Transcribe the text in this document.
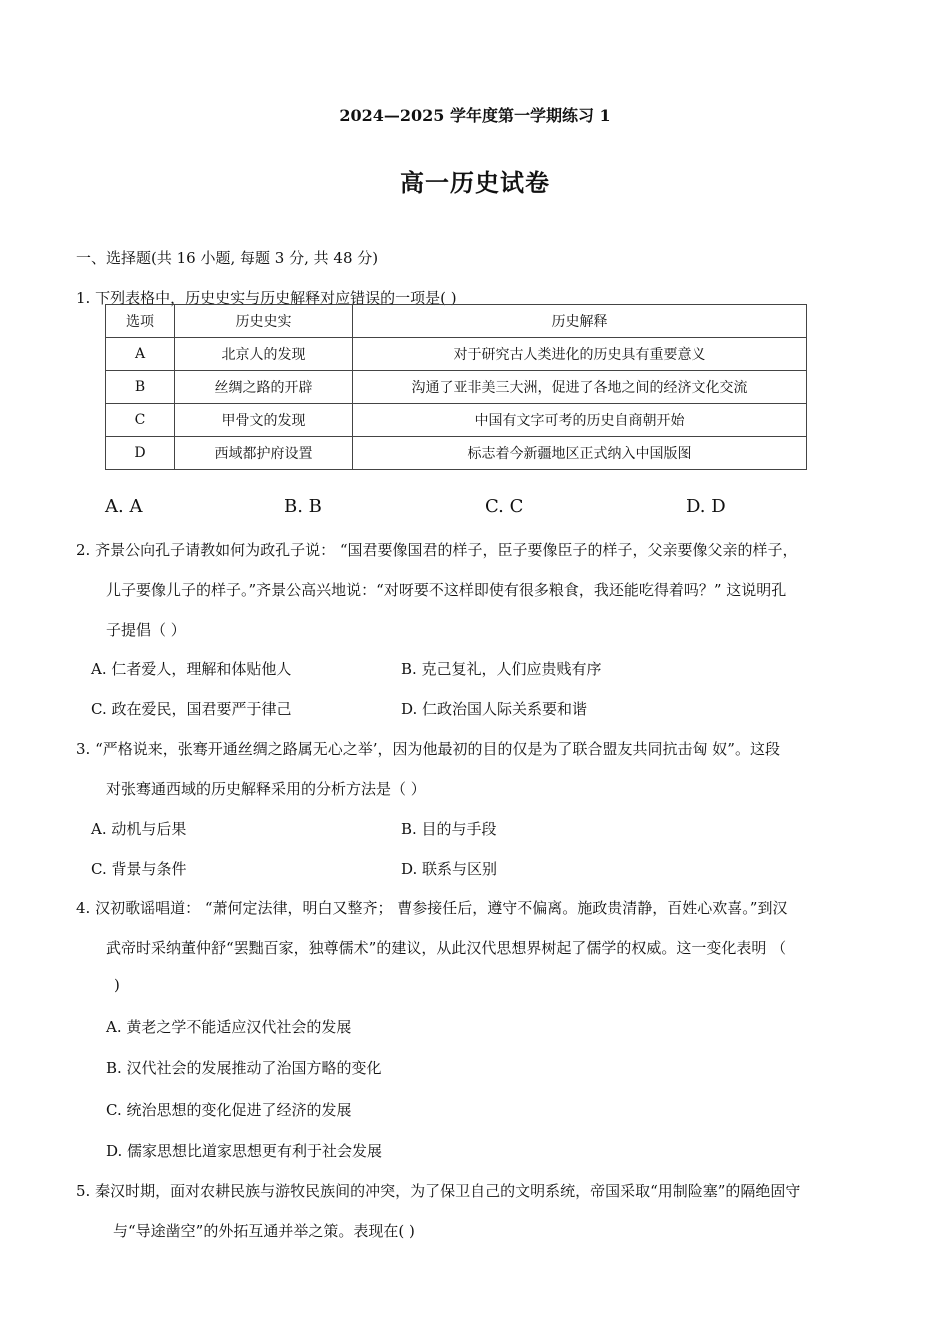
2024—2025 学年度第一学期练习 1
高一历史试卷
一、选择题(共 16 小题, 每题 3 分, 共 48 分)
1. 下列表格中，历史史实与历史解释对应错误的一项是( )
选项	历史史实	历史解释
A	北京人的发现	对于研究古人类进化的历史具有重要意义
B	丝绸之路的开辟	沟通了亚非美三大洲，促进了各地之间的经济文化交流
C	甲骨文的发现	中国有文字可考的历史自商朝开始
D	西域都护府设置	标志着今新疆地区正式纳入中国版图
A. A	B. B	C. C	D. D
2. 齐景公向孔子请教如何为政孔子说： “国君要像国君的样子，臣子要像臣子的样子，父亲要像父亲的样子，
儿子要像儿子的样子。”齐景公高兴地说：“对呀要不这样即使有很多粮食，我还能吃得着吗？” 这说明孔
子提倡（ ）
A. 仁者爱人，理解和体贴他人	B. 克己复礼，人们应贵贱有序
C. 政在爱民，国君要严于律己	D. 仁政治国人际关系要和谐
3. “严格说来，张骞开通丝绸之路属无心之举’，因为他最初的目的仅是为了联合盟友共同抗击匈 奴”。这段
对张骞通西域的历史解释采用的分析方法是（ ）
A. 动机与后果	B. 目的与手段
C. 背景与条件	D. 联系与区别
4. 汉初歌谣唱道： “萧何定法律，明白又整齐； 曹参接任后，遵守不偏离。施政贵清静，百姓心欢喜。”到汉
武帝时采纳董仲舒“罢黜百家，独尊儒术”的建议，从此汉代思想界树起了儒学的权威。这一变化表明 （
)
A. 黄老之学不能适应汉代社会的发展
B. 汉代社会的发展推动了治国方略的变化
C. 统治思想的变化促进了经济的发展
D. 儒家思想比道家思想更有利于社会发展
5. 秦汉时期，面对农耕民族与游牧民族间的冲突，为了保卫自己的文明系统，帝国采取“用制险塞”的隔绝固守
与“导途凿空”的外拓互通并举之策。表现在( )
